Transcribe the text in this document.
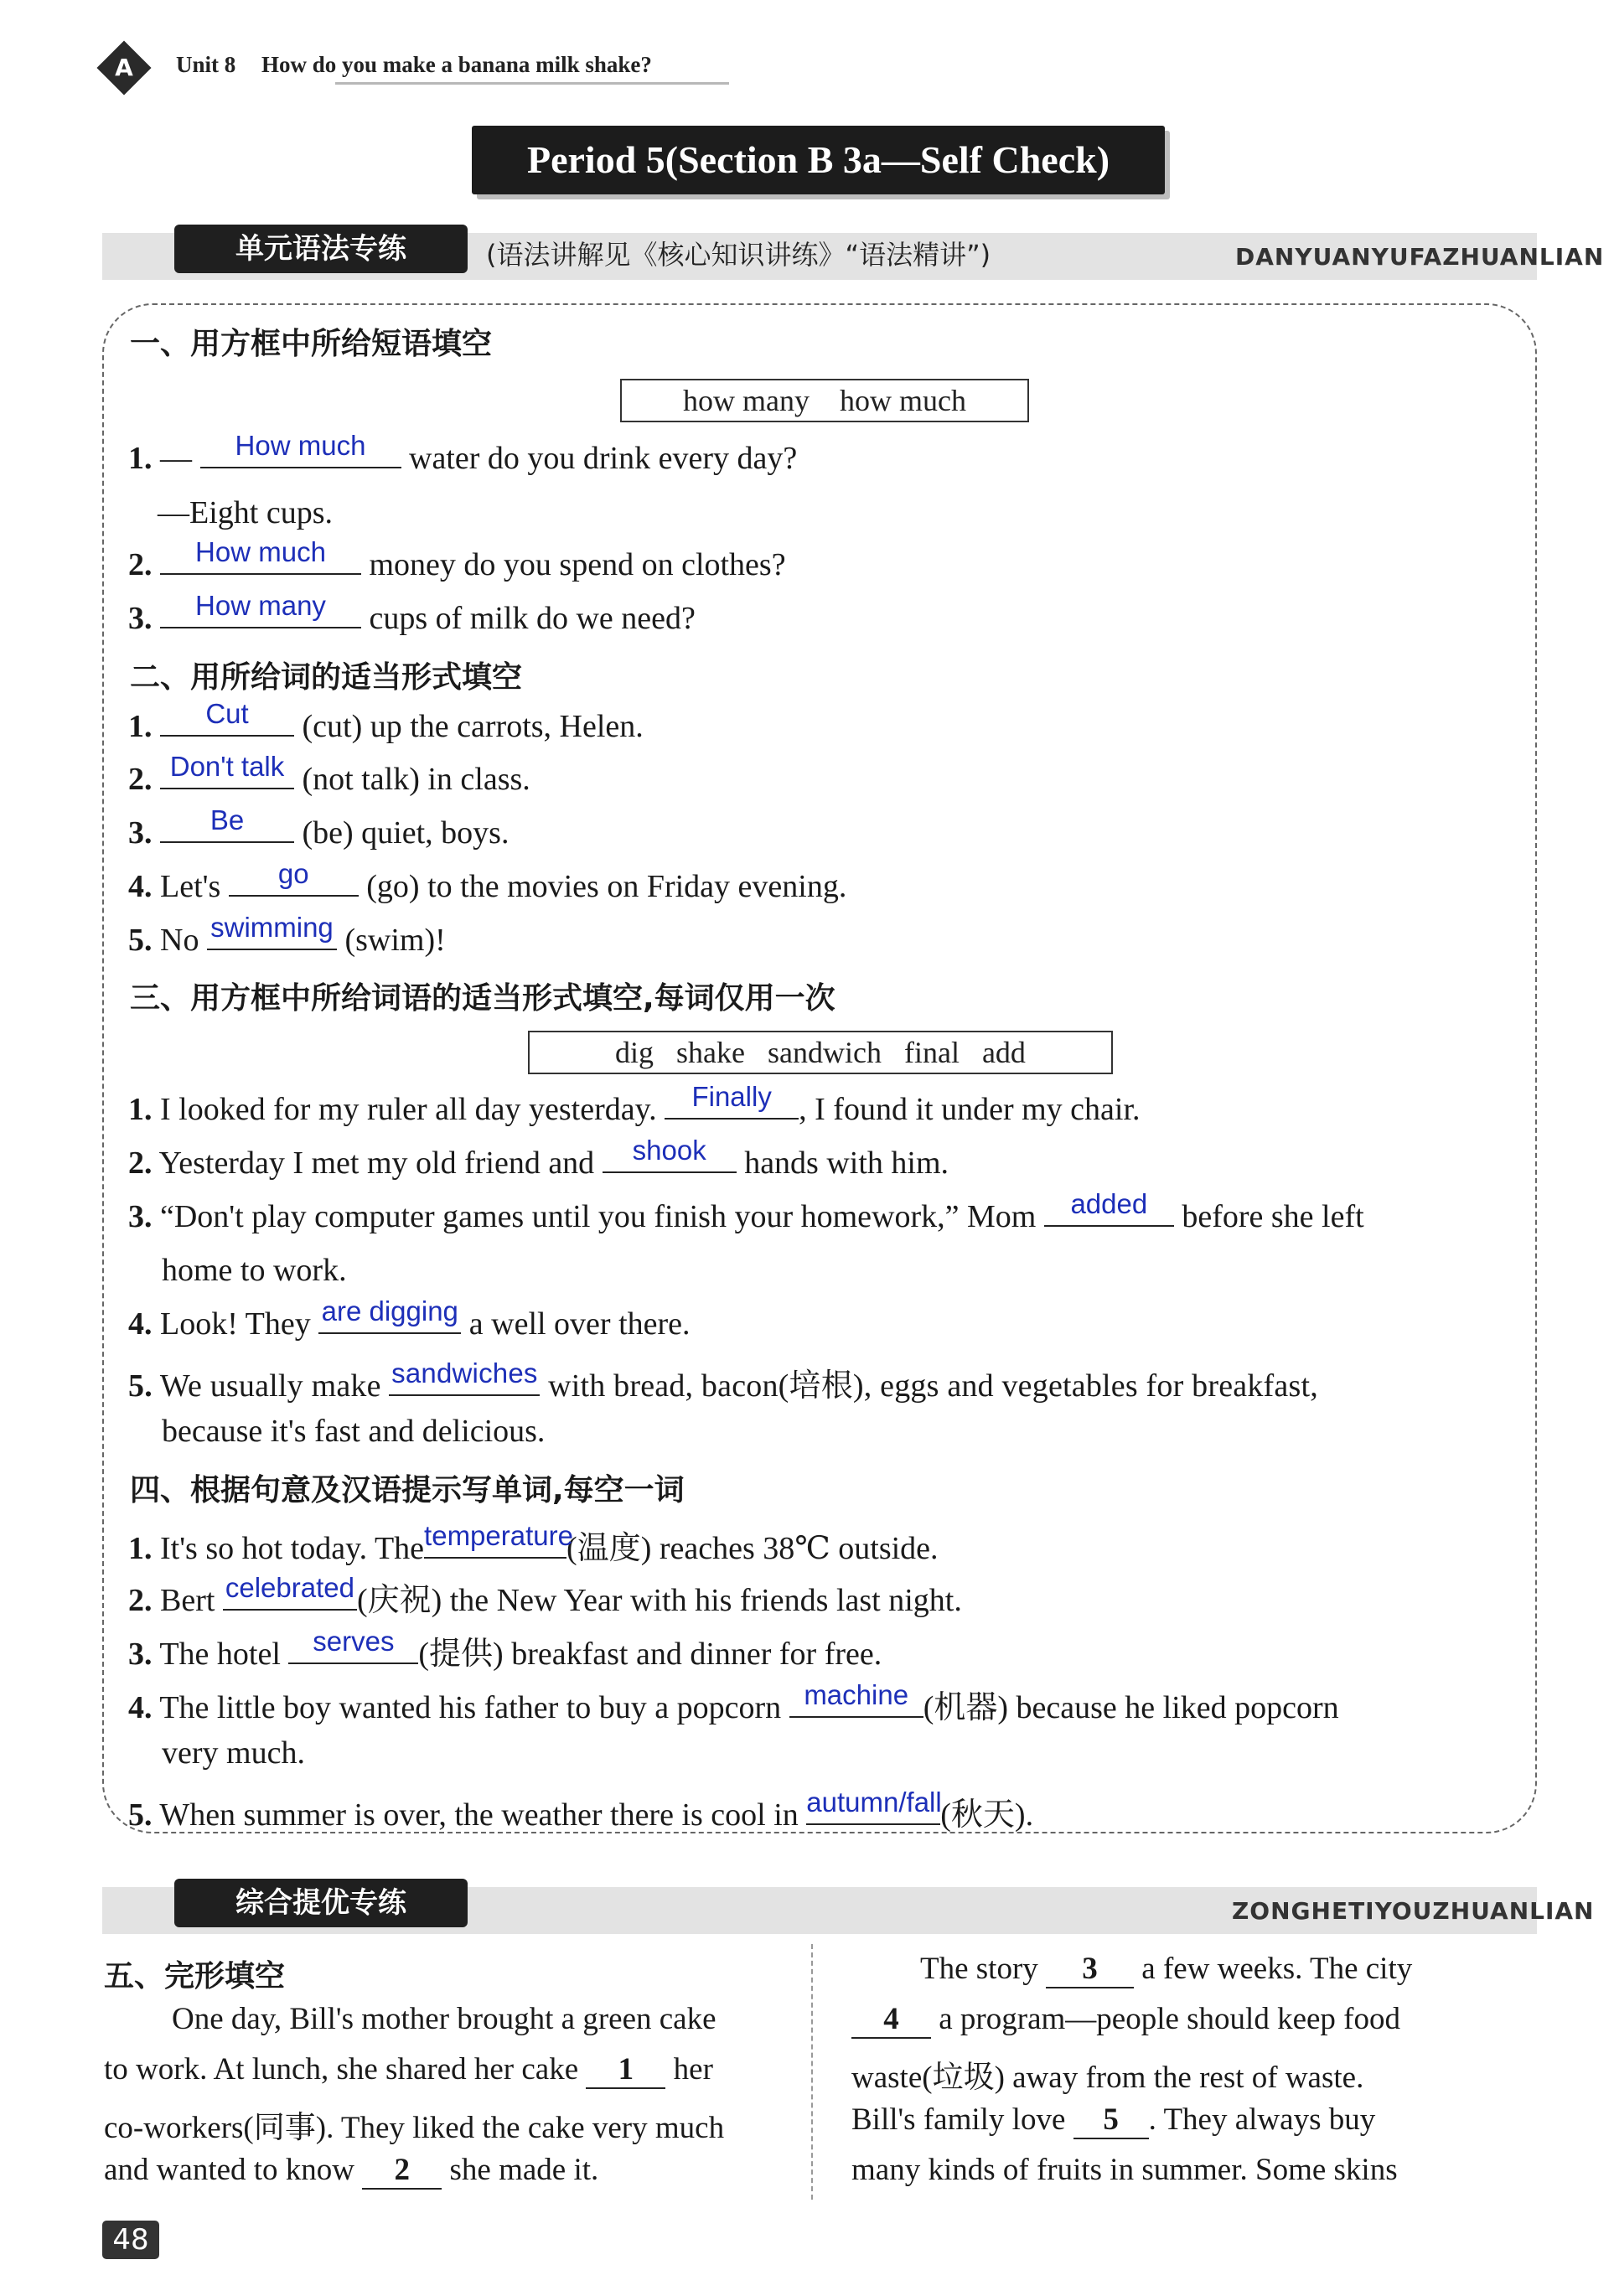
A	Unit 8 How do you make a banana milk shake?
Period 5(Section B 3a—Self Check)
单元语法专练	(语法讲解见《核心知识讲练》“语法精讲”)	DANYUANYUFAZHUANLIAN
一、用方框中所给短语填空
how many    how much
1. —	How much	water do you drink every day?
—Eight cups.
2.	How much	money do you spend on clothes?
3.	How many	cups of milk do we need?
二、用所给词的适当形式填空
1.	Cut	(cut) up the carrots, Helen.
2. Don't talk (not talk) in class.
3.	Be	(be) quiet, boys.
4. Let's	go	(go) to the movies on Friday evening.
5. No swimming (swim)!
三、用方框中所给词语的适当形式填空,每词仅用一次
dig   shake   sandwich   final   add
1. I looked for my ruler all day yesterday.	Finally , I found it under my chair.
2. Yesterday I met my old friend and	shook	hands with him.
3. “Don't play computer games until you finish your homework,” Mom	added	before she left
home to work.
4. Look! They are digging a well over there.
5. We usually make sandwiches with bread, bacon(培根), eggs and vegetables for breakfast,
because it's fast and delicious.
四、根据句意及汉语提示写单词,每空一词
1. It's so hot today. The temperature
(温度) reaches 38℃ outside.
2. Bert celebrated (庆祝) the New Year with his friends last night.
3. The hotel	serves (提供) breakfast and dinner for free.
4. The little boy wanted his father to buy a popcorn machine (机器) because he liked popcorn
very much.
5. When summer is over, the weather there is cool in autumn/fall
(秋天).
综合提优专练	ZONGHETIYOUZHUANLIAN
五、完形填空
One day, Bill's mother brought a green cake
to work. At lunch, she shared her cake 1 her
co-workers(同事). They liked the cake very much
and wanted to know 2 she made it.
The story 3 a few weeks. The city
4 a program—people should keep food
waste(垃圾) away from the rest of waste.
Bill's family love 5 . They always buy
many kinds of fruits in summer. Some skins
48
